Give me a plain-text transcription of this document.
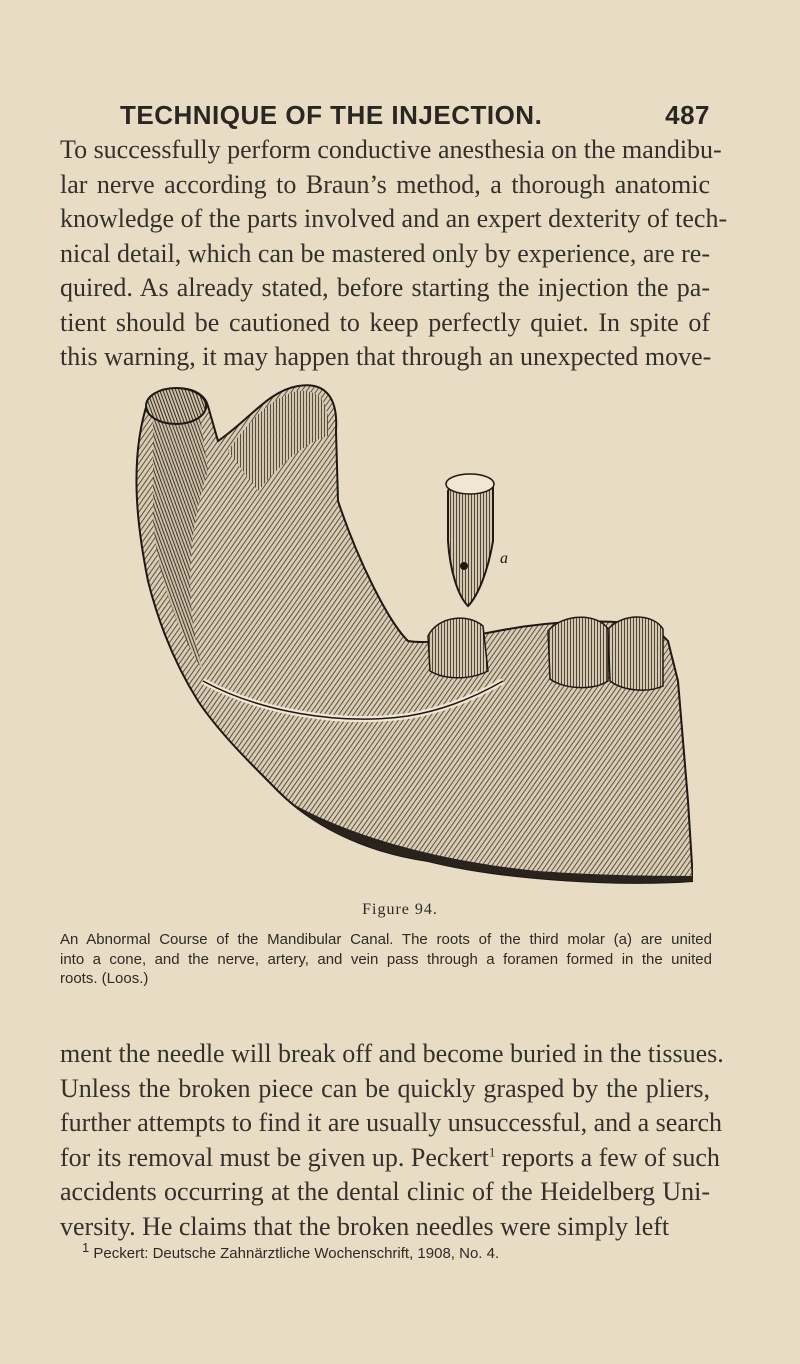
TECHNIQUE OF THE INJECTION.	487
To successfully perform conductive anesthesia on the mandibu-
lar nerve according to Braun’s method, a thorough anatomic
knowledge of the parts involved and an expert dexterity of tech-
nical detail, which can be mastered only by experience, are re-
quired. As already stated, before starting the injection the pa-
tient should be cautioned to keep perfectly quiet. In spite of
this warning, it may happen that through an unexpected move-
a
Figure 94.
An Abnormal Course of the Mandibular Canal. The roots of the third molar (a) are united
into a cone, and the nerve, artery, and vein pass through a foramen formed in the united
roots. (Loos.)
ment the needle will break off and become buried in the tissues.
Unless the broken piece can be quickly grasped by the pliers,
further attempts to find it are usually unsuccessful, and a search
for its removal must be given up. Peckert$^1$ reports a few of such
accidents occurring at the dental clinic of the Heidelberg Uni-
versity. He claims that the broken needles were simply left
$^1$ Peckert: Deutsche Zahnärztliche Wochenschrift, 1908, No. 4.
